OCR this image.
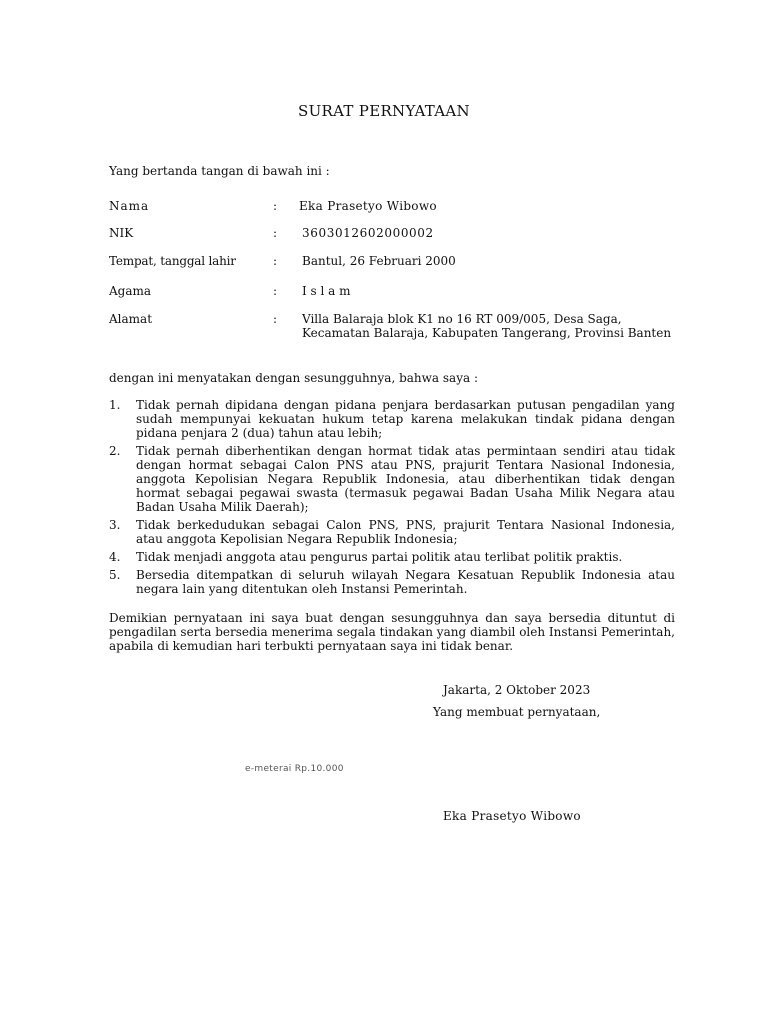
SURAT PERNYATAAN
Yang bertanda tangan di bawah ini :
Nama	: Eka Prasetyo Wibowo
NIK	: 3603012602000002
Tempat, tanggal lahir	: Bantul, 26 Februari 2000
Agama	: I s l a m
Alamat	: Villa Balaraja blok K1 no 16 RT 009/005, Desa Saga, Kecamatan Balaraja, Kabupaten Tangerang, Provinsi Banten
dengan ini menyatakan dengan sesungguhnya, bahwa saya :
1. Tidak pernah dipidana dengan pidana penjara berdasarkan putusan pengadilan yang sudah mempunyai kekuatan hukum tetap karena melakukan tindak pidana dengan pidana penjara 2 (dua) tahun atau lebih;
2. Tidak pernah diberhentikan dengan hormat tidak atas permintaan sendiri atau tidak dengan hormat sebagai Calon PNS atau PNS, prajurit Tentara Nasional Indonesia, anggota Kepolisian Negara Republik Indonesia, atau diberhentikan tidak dengan hormat sebagai pegawai swasta (termasuk pegawai Badan Usaha Milik Negara atau Badan Usaha Milik Daerah);
3. Tidak berkedudukan sebagai Calon PNS, PNS, prajurit Tentara Nasional Indonesia, atau anggota Kepolisian Negara Republik Indonesia;
4. Tidak menjadi anggota atau pengurus partai politik atau terlibat politik praktis.
5. Bersedia ditempatkan di seluruh wilayah Negara Kesatuan Republik Indonesia atau negara lain yang ditentukan oleh Instansi Pemerintah.
Demikian pernyataan ini saya buat dengan sesungguhnya dan saya bersedia dituntut di pengadilan serta bersedia menerima segala tindakan yang diambil oleh Instansi Pemerintah, apabila di kemudian hari terbukti pernyataan saya ini tidak benar.
Jakarta, 2 Oktober 2023
Yang membuat pernyataan,
e-meterai Rp.10.000
Eka Prasetyo Wibowo
